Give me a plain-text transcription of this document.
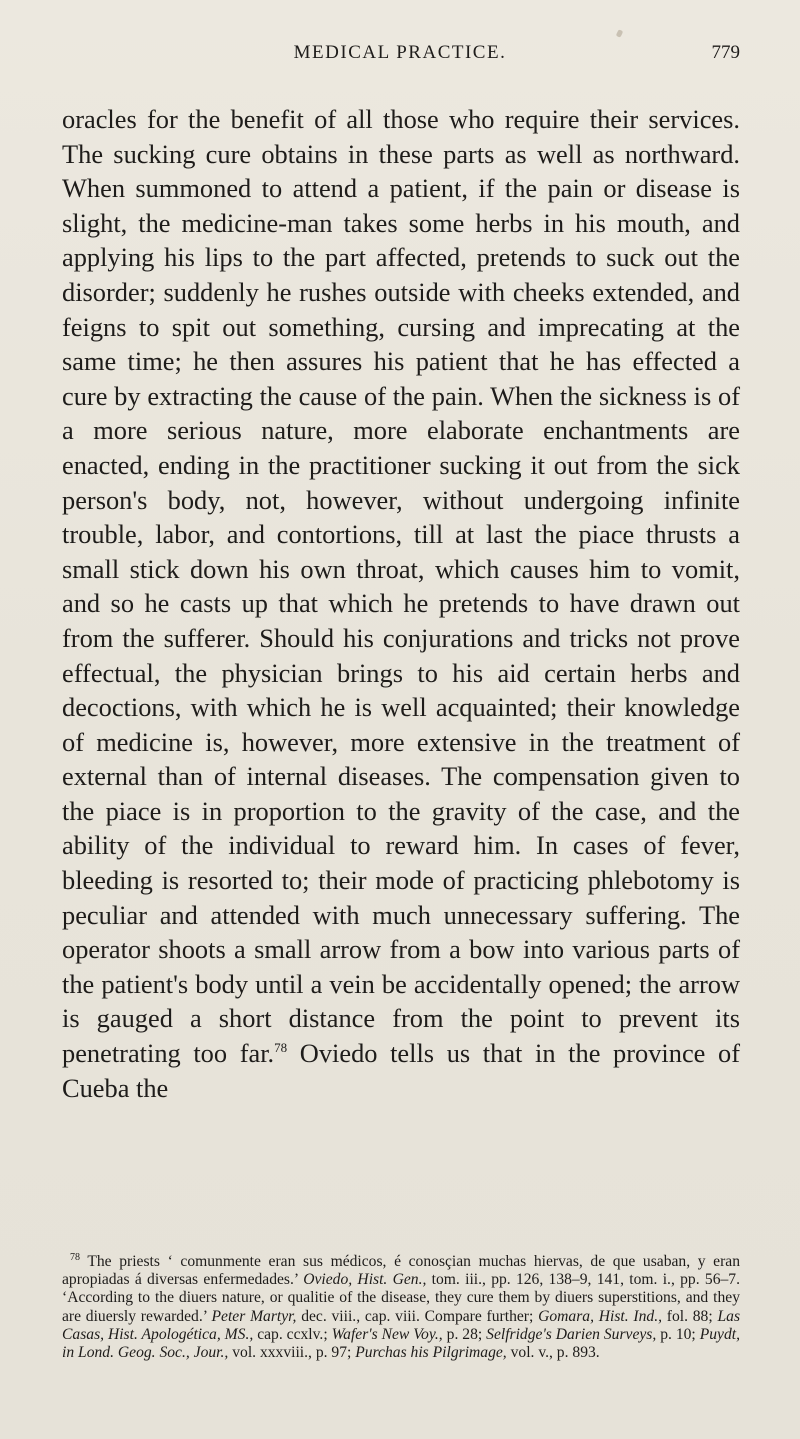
MEDICAL PRACTICE.	779

oracles for the benefit of all those who require their services. The sucking cure obtains in these parts as well as northward. When summoned to attend a patient, if the pain or disease is slight, the medicine-man takes some herbs in his mouth, and applying his lips to the part affected, pretends to suck out the disorder; suddenly he rushes outside with cheeks extended, and feigns to spit out something, cursing and imprecating at the same time; he then assures his patient that he has effected a cure by extracting the cause of the pain. When the sickness is of a more serious nature, more elaborate enchantments are enacted, ending in the practitioner sucking it out from the sick person's body, not, however, without undergoing infinite trouble, labor, and contortions, till at last the piace thrusts a small stick down his own throat, which causes him to vomit, and so he casts up that which he pretends to have drawn out from the sufferer. Should his conjurations and tricks not prove effectual, the physician brings to his aid certain herbs and decoctions, with which he is well acquainted; their knowledge of medicine is, however, more extensive in the treatment of external than of internal diseases. The compensation given to the piace is in proportion to the gravity of the case, and the ability of the individual to reward him. In cases of fever, bleeding is resorted to; their mode of practicing phlebotomy is peculiar and attended with much unnecessary suffering. The operator shoots a small arrow from a bow into various parts of the patient's body until a vein be accidentally opened; the arrow is gauged a short distance from the point to prevent its penetrating too far.$^{78}$ Oviedo tells us that in the province of Cueba the

$^{78}$ The priests ‘ comunmente eran sus médicos, é conosçian muchas hiervas, de que usaban, y eran apropiadas á diversas enfermedades.’ Oviedo, Hist. Gen., tom. iii., pp. 126, 138–9, 141, tom. i., pp. 56–7. ‘According to the diuers nature, or qualitie of the disease, they cure them by diuers superstitions, and they are diuersly rewarded.’ Peter Martyr, dec. viii., cap. viii. Compare further; Gomara, Hist. Ind., fol. 88; Las Casas, Hist. Apologética, MS., cap. ccxlv.; Wafer's New Voy., p. 28; Selfridge's Darien Surveys, p. 10; Puydt, in Lond. Geog. Soc., Jour., vol. xxxviii., p. 97; Purchas his Pilgrimage, vol. v., p. 893.
